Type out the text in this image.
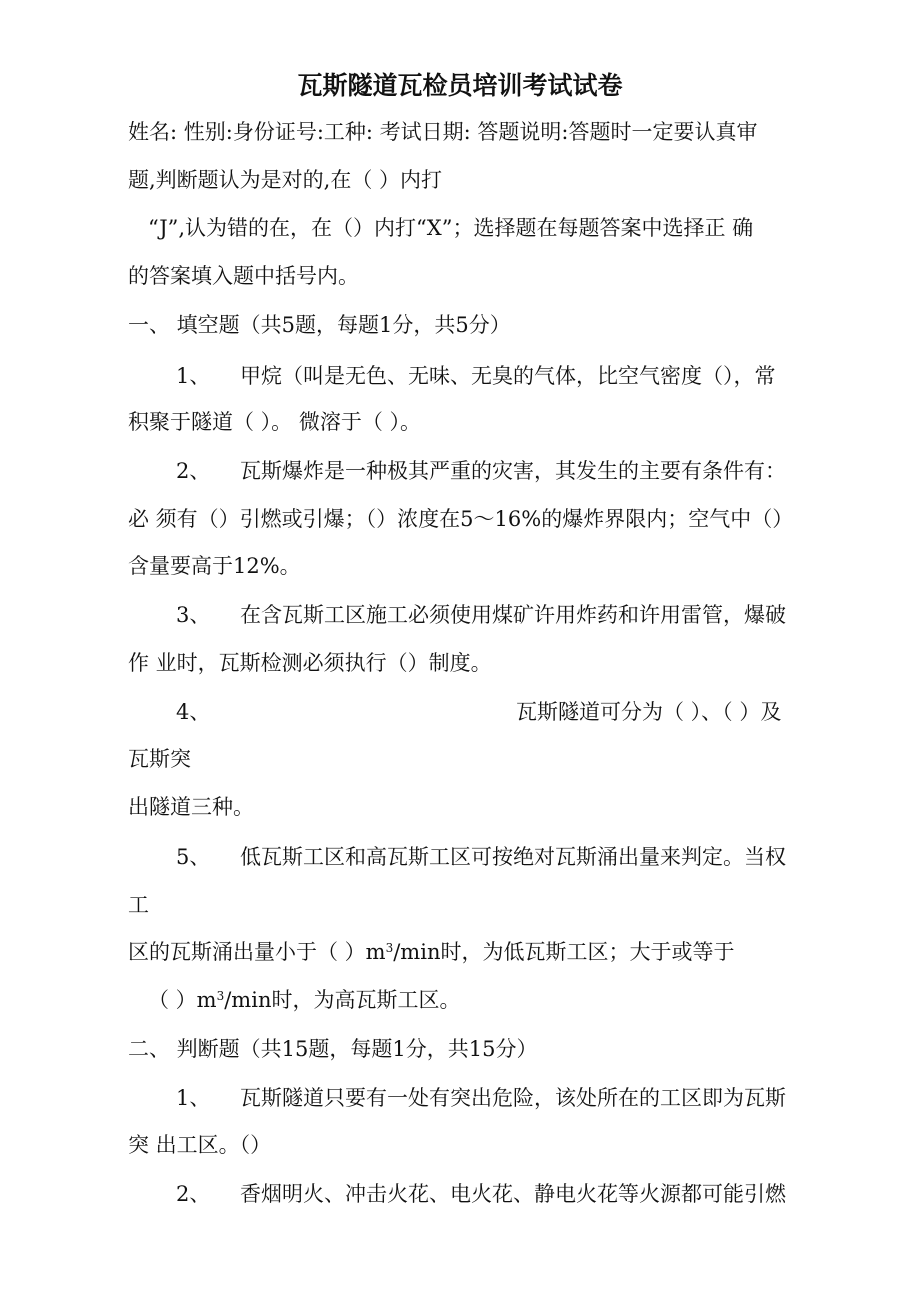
瓦斯隧道瓦检员培训考试试卷
姓名: 性别:身份证号:工种: 考试日期: 答题说明:答题时一定要认真审
题,判断题认为是对的,在（ ）内打
“J”,认为错的在，在（）内打“X”；选择题在每题答案中选择正 确
的答案填入题中括号内。
一、 填空题（共5题，每题1分，共5分）
1、 甲烷（叫是无色、无味、无臭的气体，比空气密度（），常
积聚于隧道（ ）。 微溶于（ ）。
2、 瓦斯爆炸是一种极其严重的灾害，其发生的主要有条件有：
必 须有（）引燃或引爆；（）浓度在5〜16%的爆炸界限内；空气中（）
含量要高于12%。
3、 在含瓦斯工区施工必须使用煤矿许用炸药和许用雷管，爆破
作 业时，瓦斯检测必须执行（）制度。
4、	瓦斯隧道可分为（ ）、（ ）及
瓦斯突
出隧道三种。
5、 低瓦斯工区和高瓦斯工区可按绝对瓦斯涌出量来判定。当权
工
区的瓦斯涌出量小于（ ）$m^3/\min$时，为低瓦斯工区；大于或等于
（ ）$m^3/\min$时，为高瓦斯工区。
二、 判断题（共15题，每题1分，共15分）
1、 瓦斯隧道只要有一处有突出危险，该处所在的工区即为瓦斯
突 出工区。（）
2、 香烟明火、冲击火花、电火花、静电火花等火源都可能引燃
